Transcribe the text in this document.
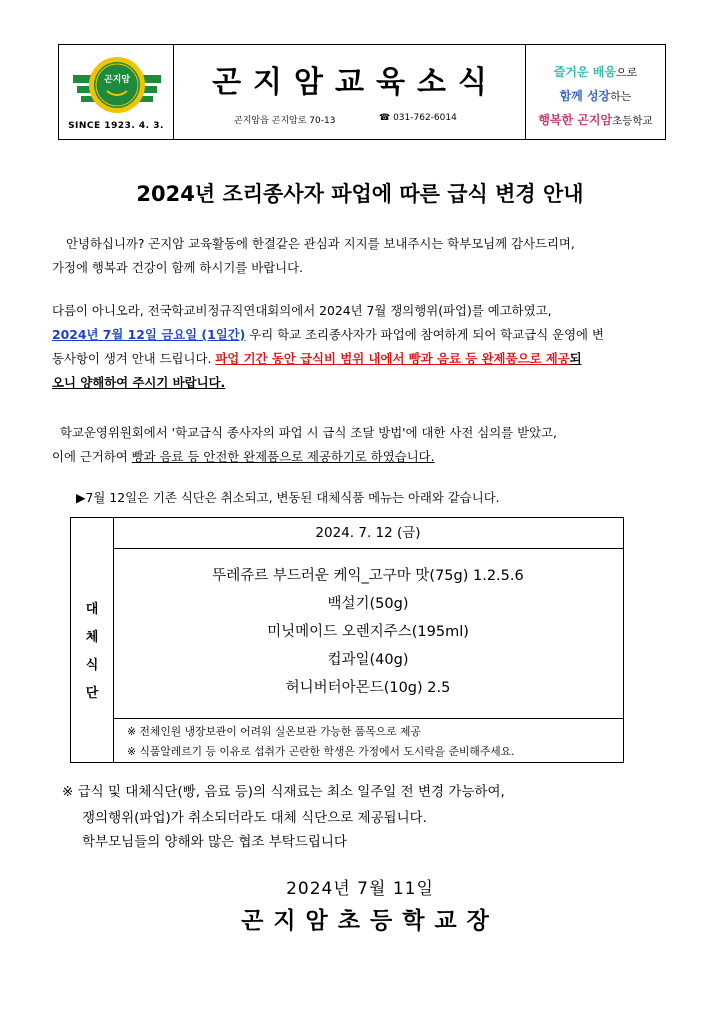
곤지암
SINCE 1923. 4. 3.
곤지암교육소식
곤지암읍 곤지암로 70-13	☎ 031-762-6014
즐거운 배움으로
함께 성장하는
행복한 곤지암초등학교
2024년 조리종사자 파업에 따른 급식 변경 안내
안녕하십니까? 곤지암 교육활동에 한결같은 관심과 지지를 보내주시는 학부모님께 감사드리며,
가정에 행복과 건강이 함께 하시기를 바랍니다.
다름이 아니오라, 전국학교비정규직연대회의에서 2024년 7월 쟁의행위(파업)를 예고하였고,
2024년 7월 12일 금요일 (1일간) 우리 학교 조리종사자가 파업에 참여하게 되어 학교급식 운영에 변
동사항이 생겨 안내 드립니다. 파업 기간 동안 급식비 범위 내에서 빵과 음료 등 완제품으로 제공되
오니 양해하여 주시기 바랍니다.
학교운영위원회에서 '학교급식 종사자의 파업 시 급식 조달 방법'에 대한 사전 심의를 받았고,
이에 근거하여 빵과 음료 등 안전한 완제품으로 제공하기로 하였습니다.
▶7월 12일은 기존 식단은 취소되고, 변동된 대체식품 메뉴는 아래와 같습니다.
대
체
식
단
2024. 7. 12 (금)
뚜레쥬르 부드러운 케익_고구마 맛(75g) 1.2.5.6
백설기(50g)
미닛메이드 오렌지주스(195ml)
컵과일(40g)
허니버터아몬드(10g) 2.5
※ 전체인원 냉장보관이 어려워 실온보관 가능한 품목으로 제공
※ 식품알레르기 등 이유로 섭취가 곤란한 학생은 가정에서 도시락을 준비해주세요.
※ 급식 및 대체식단(빵, 음료 등)의 식재료는 최소 일주일 전 변경 가능하여,
쟁의행위(파업)가 취소되더라도 대체 식단으로 제공됩니다.
학부모님들의 양해와 많은 협조 부탁드립니다
2024년 7월 11일
곤지암초등학교장
